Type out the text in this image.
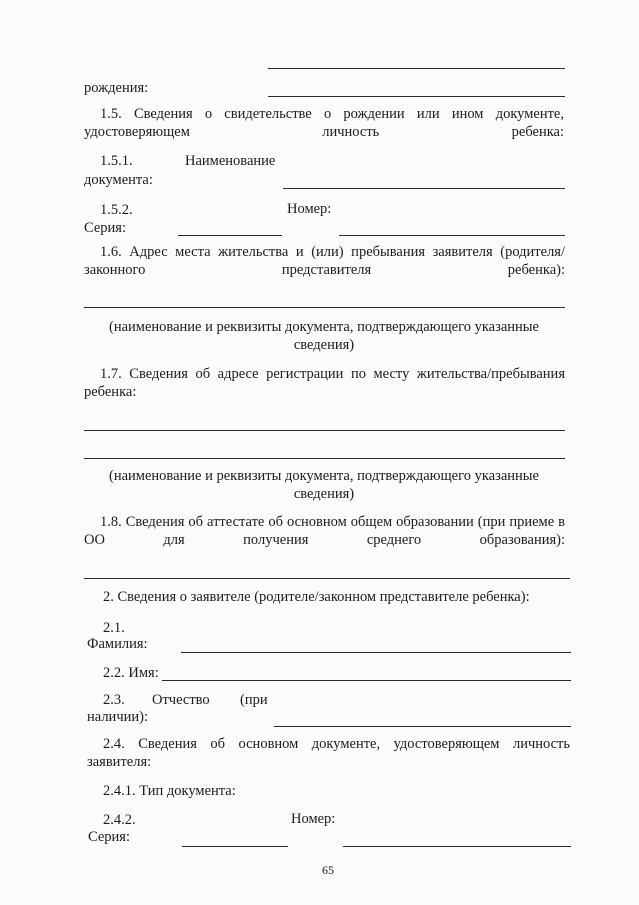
рождения:
1.5. Сведения о свидетельстве о рождении или ином документе, удостоверяющем личность ребенка:
1.5.1.	Наименование
документа:
1.5.2.	Номер:
Серия:
1.6. Адрес места жительства и (или) пребывания заявителя (родителя/законного представителя ребенка):
(наименование и реквизиты документа, подтверждающего указанные сведения)
1.7. Сведения об адресе регистрации по месту жительства/пребывания ребенка:
(наименование и реквизиты документа, подтверждающего указанные сведения)
1.8. Сведения об аттестате об основном общем образовании (при приеме в ОО для получения среднего образования):
2. Сведения о заявителе (родителе/законном представителе ребенка):
2.1.
Фамилия:
2.2. Имя:
2.3. Отчество (при
наличии):
2.4. Сведения об основном документе, удостоверяющем личность заявителя:
2.4.1. Тип документа:
2.4.2.	Номер:
Серия:
65
